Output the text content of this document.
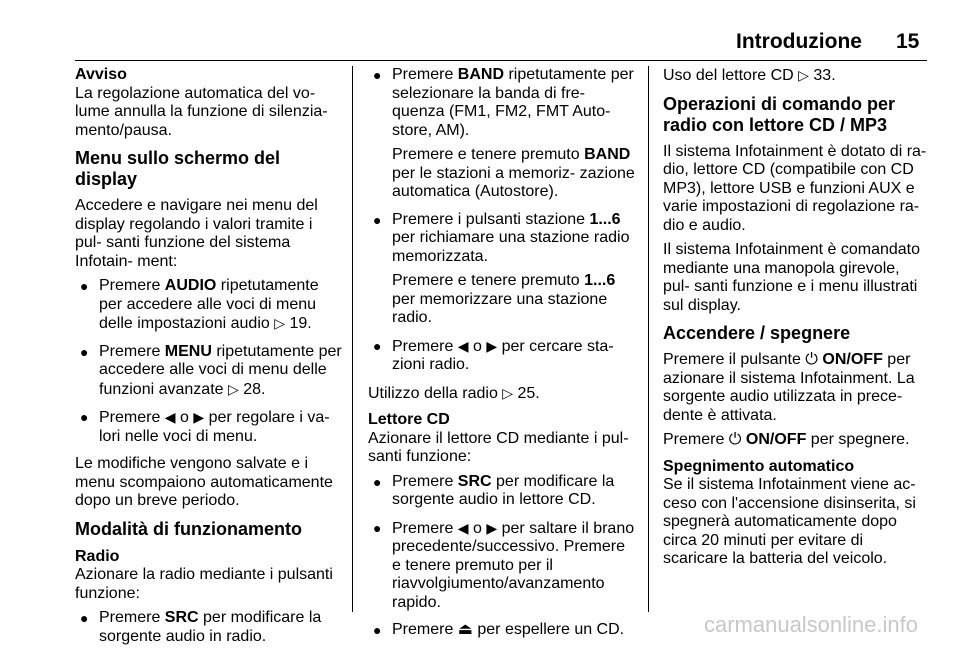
Introduzione 15

Avviso

La regolazione automatica del vo- lume annulla la funzione di silenzia- mento/pausa.

Menu sullo schermo del display

Accedere e navigare nei menu del display regolando i valori tramite i pul- santi funzione del sistema Infotain- ment:

● Premere AUDIO ripetutamente per accedere alle voci di menu delle impostazioni audio ▷ 19.

● Premere MENU ripetutamente per accedere alle voci di menu delle funzioni avanzate ▷ 28.

● Premere ◀ o ▶ per regolare i va- lori nelle voci di menu.

Le modifiche vengono salvate e i menu scompaiono automaticamente dopo un breve periodo.

Modalità di funzionamento

Radio

Azionare la radio mediante i pulsanti funzione:

● Premere SRC per modificare la sorgente audio in radio.

● Premere BAND ripetutamente per selezionare la banda di fre- quenza (FM1, FM2, FMT Auto- store, AM).

Premere e tenere premuto BAND per le stazioni a memoriz- zazione automatica (Autostore).

● Premere i pulsanti stazione 1...6 per richiamare una stazione radio memorizzata.

Premere e tenere premuto 1...6 per memorizzare una stazione radio.

● Premere ◀ o ▶ per cercare sta- zioni radio.

Utilizzo della radio ▷ 25.

Lettore CD

Azionare il lettore CD mediante i pul- santi funzione:

● Premere SRC per modificare la sorgente audio in lettore CD.

● Premere ◀ o ▶ per saltare il brano precedente/successivo. Premere e tenere premuto per il riavvolgiumento/avanzamento rapido.

● Premere ⏏ per espellere un CD.

Uso del lettore CD ▷ 33.

Operazioni di comando per radio con lettore CD / MP3

Il sistema Infotainment è dotato di ra- dio, lettore CD (compatibile con CD MP3), lettore USB e funzioni AUX e varie impostazioni di regolazione ra- dio e audio.

Il sistema Infotainment è comandato mediante una manopola girevole, pul- santi funzione e i menu illustrati sul display.

Accendere / spegnere

Premere il pulsante ⏻ ON/OFF per azionare il sistema Infotainment. La sorgente audio utilizzata in prece- dente è attivata.

Premere ⏻ ON/OFF per spegnere.

Spegnimento automatico

Se il sistema Infotainment viene ac- ceso con l'accensione disinserita, si spegnerà automaticamente dopo circa 20 minuti per evitare di scaricare la batteria del veicolo.

carmanualsonline.info
